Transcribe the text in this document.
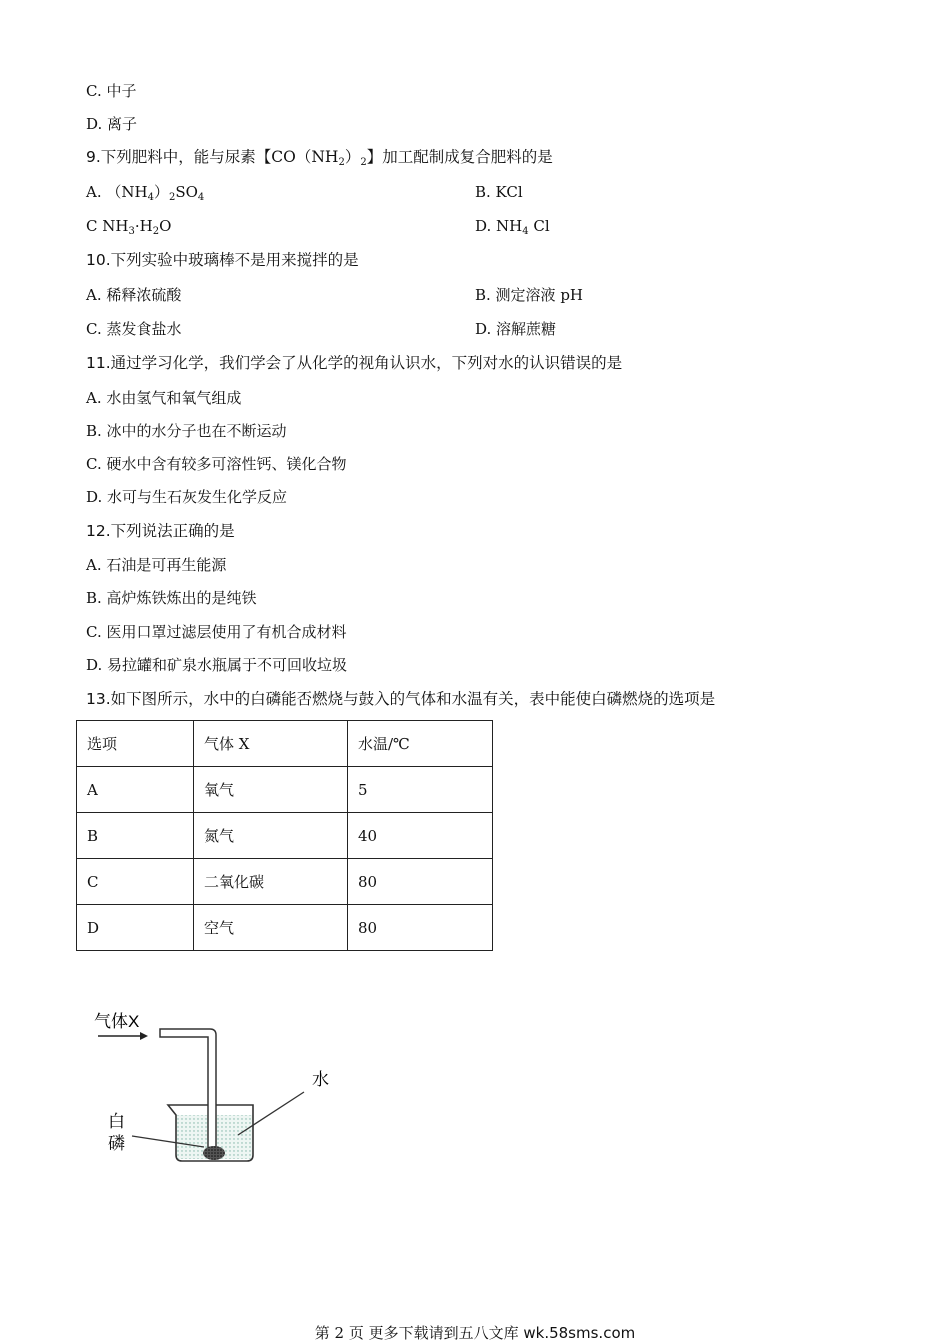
C. 中子
D. 离子
9.下列肥料中，能与尿素【$CO(NH_2)_2$】加工配制成复合肥料的是
A. $(NH_4)_2SO_4$	B. KCl
C $NH_3\cdot H_2O$	D. $NH_4$ Cl
10.下列实验中玻璃棒不是用来搅拌的是
A. 稀释浓硫酸	B. 测定溶液 pH
C. 蒸发食盐水	D. 溶解蔗糖
11.通过学习化学，我们学会了从化学的视角认识水，下列对水的认识错误的是
A. 水由氢气和氧气组成
B. 冰中的水分子也在不断运动
C. 硬水中含有较多可溶性钙、镁化合物
D. 水可与生石灰发生化学反应
12.下列说法正确的是
A. 石油是可再生能源
B. 高炉炼铁炼出的是纯铁
C. 医用口罩过滤层使用了有机合成材料
D. 易拉罐和矿泉水瓶属于不可回收垃圾
13.如下图所示，水中的白磷能否燃烧与鼓入的气体和水温有关，表中能使白磷燃烧的选项是
选项	气体 X	水温/℃
A	氧气	5
B	氮气	40
C	二氧化碳	80
D	空气	80
气体X
水
白
磷
第 2 页 更多下载请到五八文库 wk.58sms.com
